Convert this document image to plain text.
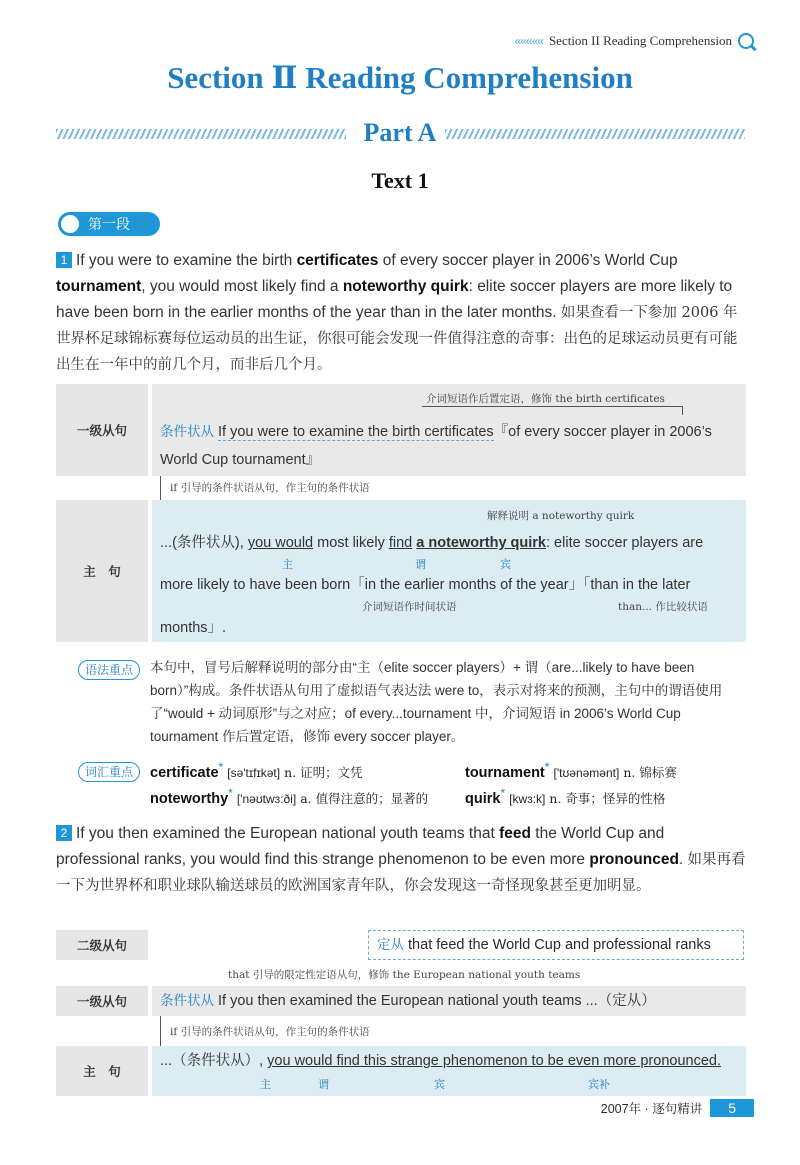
««««« Section II Reading Comprehension
Section Ⅱ Reading Comprehension
Part A
Text 1
第一段
1 If you were to examine the birth certificates of every soccer player in 2006’s World Cup tournament, you would most likely find a noteworthy quirk: elite soccer players are more likely to have been born in the earlier months of the year than in the later months. 如果查看一下参加 2006 年世界杯足球锦标赛每位运动员的出生证，你很可能会发现一件值得注意的奇事：出色的足球运动员更有可能出生在一年中的前几个月，而非后几个月。
一级从句
介词短语作后置定语，修饰 the birth certificates
条件状从 If you were to examine the birth certificates『of every soccer player in 2006’s
World Cup tournament』
if 引导的条件状语从句，作主句的条件状语
主　句
解释说明 a noteworthy quirk
...(条件状从), you would most likely find a noteworthy quirk: elite soccer players are
主	谓	宾
more likely to have been born「in the earlier months of the year」「than in the later
介词短语作时间状语	than... 作比较状语
months」.
语法重点	本句中，冒号后解释说明的部分由“主（elite soccer players）+ 谓（are...likely to have been born）”构成。条件状语从句用了虚拟语气表达法 were to，表示对将来的预测，主句中的谓语使用了“would + 动词原形”与之对应；of every...tournament 中，介词短语 in 2006’s World Cup tournament 作后置定语，修饰 every soccer player。
词汇重点	certificate* [sə'tɪfɪkət] n. 证明；文凭	tournament* ['tʊənəmənt] n. 锦标赛
noteworthy* ['nəʊtwɜ:ði] a. 值得注意的；显著的	quirk* [kwɜ:k] n. 奇事；怪异的性格
2 If you then examined the European national youth teams that feed the World Cup and professional ranks, you would find this strange phenomenon to be even more pronounced. 如果再看一下为世界杯和职业球队输送球员的欧洲国家青年队，你会发现这一奇怪现象甚至更加明显。
二级从句	定从 that feed the World Cup and professional ranks
that 引导的限定性定语从句，修饰 the European national youth teams
一级从句	条件状从 If you then examined the European national youth teams ...（定从）
if 引导的条件状语从句，作主句的条件状语
主　句
...（条件状从）, you would find this strange phenomenon to be even more pronounced.
主	谓	宾	宾补
2007年 · 逐句精讲	5
